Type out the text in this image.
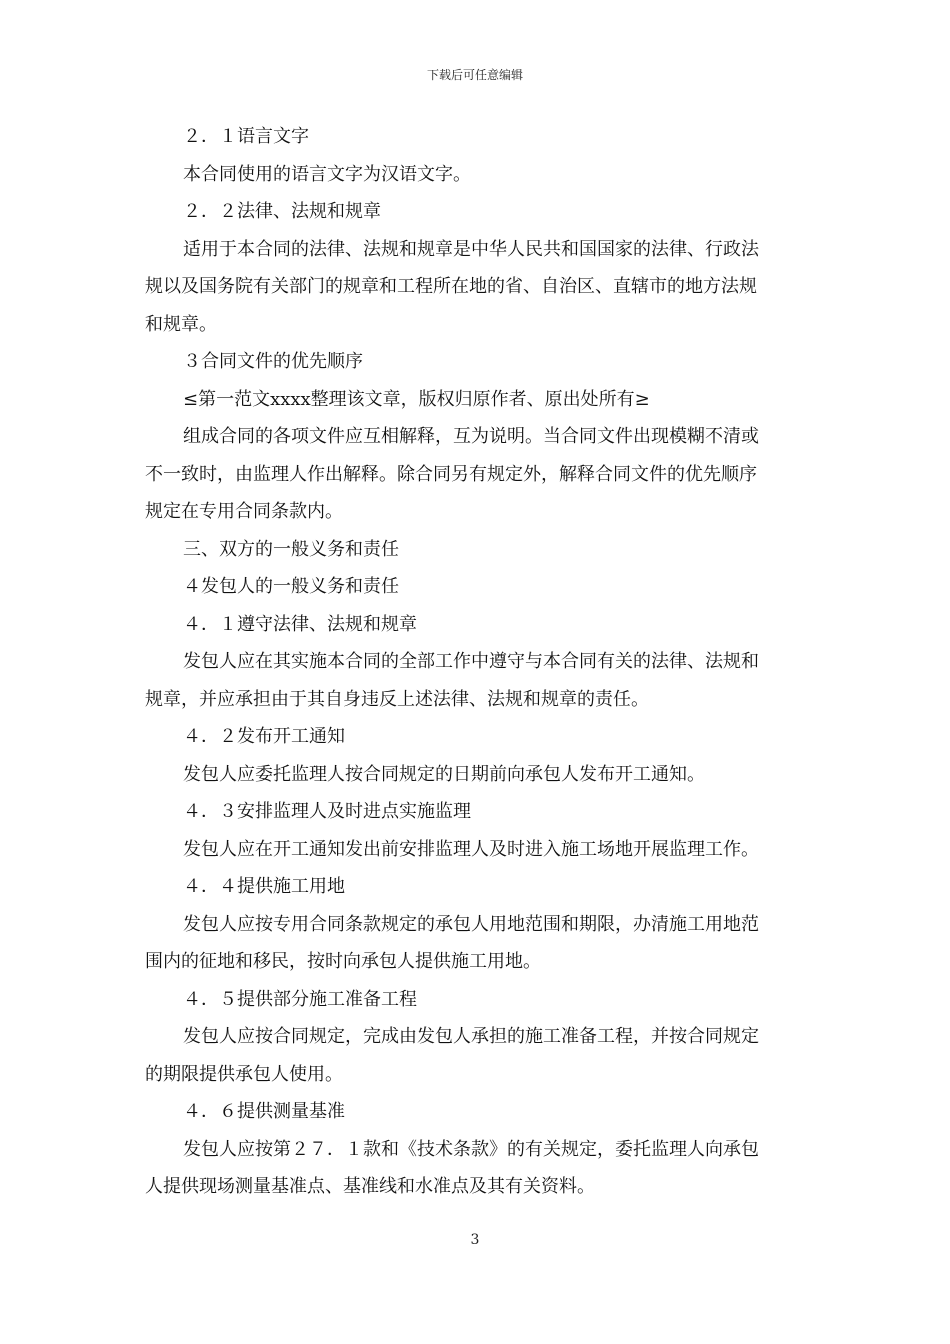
下载后可任意编辑
２．１语言文字
本合同使用的语言文字为汉语文字。
２．２法律、法规和规章
适用于本合同的法律、法规和规章是中华人民共和国国家的法律、行政法
规以及国务院有关部门的规章和工程所在地的省、自治区、直辖市的地方法规
和规章。
３合同文件的优先顺序
≤第一范文xxxx整理该文章，版权归原作者、原出处所有≥
组成合同的各项文件应互相解释，互为说明。当合同文件出现模糊不清或
不一致时，由监理人作出解释。除合同另有规定外，解释合同文件的优先顺序
规定在专用合同条款内。
三、双方的一般义务和责任
４发包人的一般义务和责任
４．１遵守法律、法规和规章
发包人应在其实施本合同的全部工作中遵守与本合同有关的法律、法规和
规章，并应承担由于其自身违反上述法律、法规和规章的责任。
４．２发布开工通知
发包人应委托监理人按合同规定的日期前向承包人发布开工通知。
４．３安排监理人及时进点实施监理
发包人应在开工通知发出前安排监理人及时进入施工场地开展监理工作。
４．４提供施工用地
发包人应按专用合同条款规定的承包人用地范围和期限，办清施工用地范
围内的征地和移民，按时向承包人提供施工用地。
４．５提供部分施工准备工程
发包人应按合同规定，完成由发包人承担的施工准备工程，并按合同规定
的期限提供承包人使用。
４．６提供测量基准
发包人应按第２７．１款和《技术条款》的有关规定，委托监理人向承包
人提供现场测量基准点、基准线和水准点及其有关资料。
3
